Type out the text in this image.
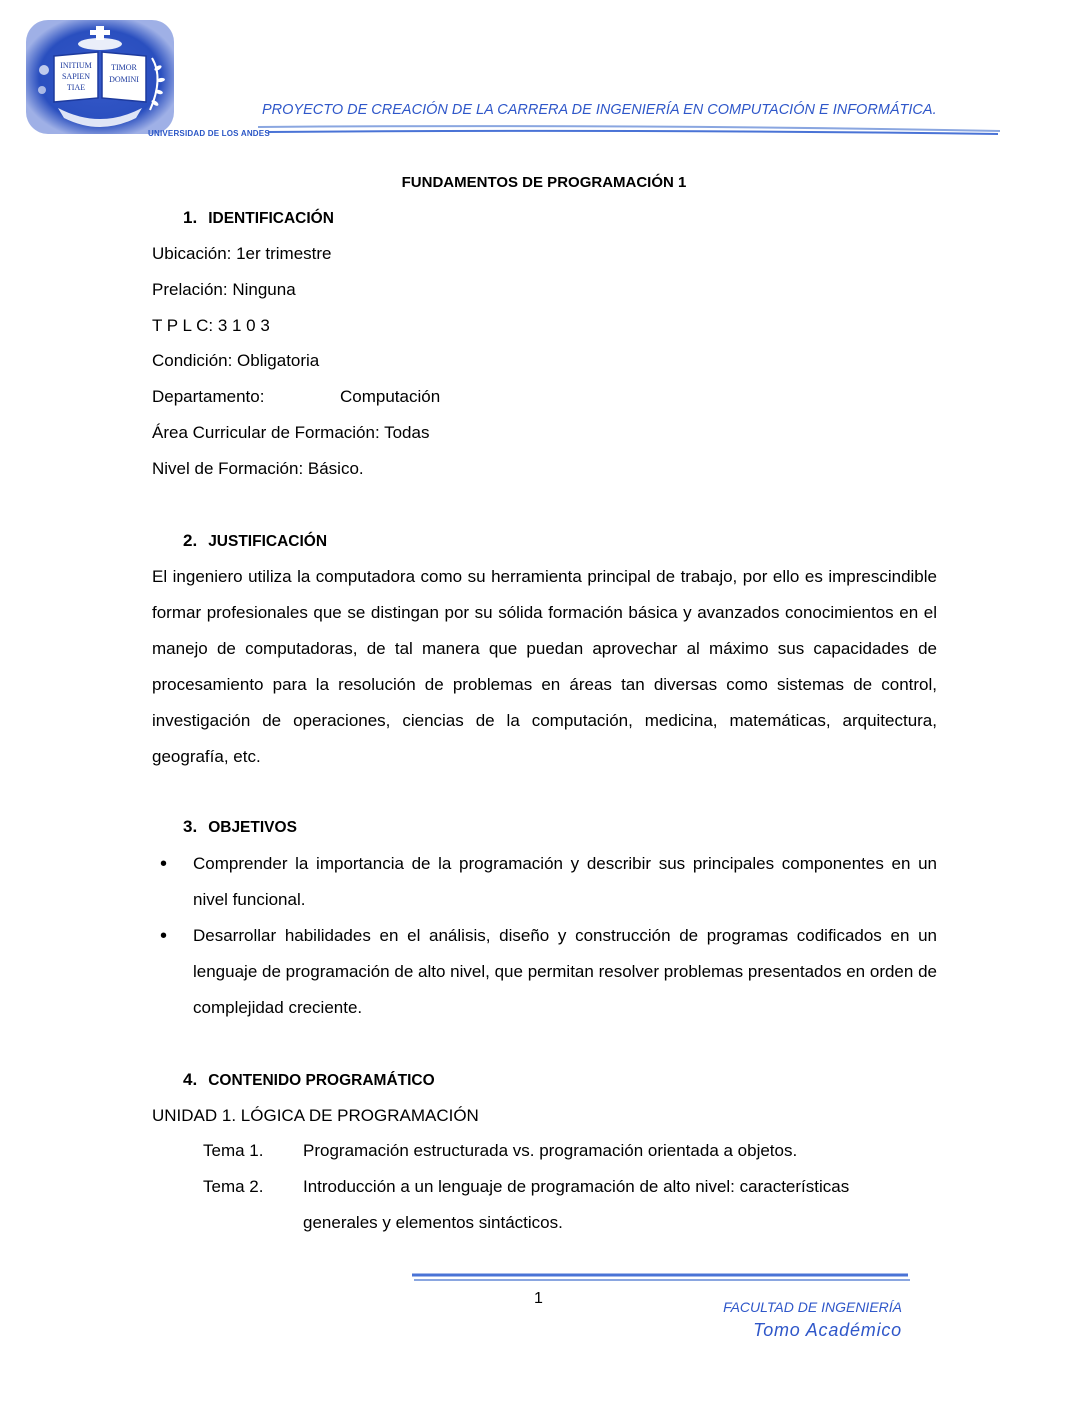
INITIUM
SAPIEN
TIAE
TIMOR
DOMINI
PROYECTO DE CREACIÓN DE LA CARRERA DE INGENIERÍA EN COMPUTACIÓN E INFORMÁTICA.
UNIVERSIDAD DE LOS ANDES
FUNDAMENTOS DE PROGRAMACIÓN 1
1. IDENTIFICACIÓN
Ubicación: 1er trimestre
Prelación: Ninguna
T P L C: 3 1 0 3
Condición: Obligatoria
Departamento:	Computación
Área Curricular de Formación: Todas
Nivel de Formación: Básico.
2. JUSTIFICACIÓN

El ingeniero utiliza la computadora como su herramienta principal de trabajo, por ello es imprescindible formar profesionales que se distingan por su sólida formación básica y avanzados conocimientos en el manejo de computadoras, de tal manera que puedan aprovechar al máximo sus capacidades de procesamiento para la resolución de problemas en áreas tan diversas como sistemas de control, investigación de operaciones, ciencias de la computación, medicina, matemáticas, arquitectura, geografía, etc.

3. OBJETIVOS
• Comprender la importancia de la programación y describir sus principales componentes en un nivel funcional.

• Desarrollar habilidades en el análisis, diseño y construcción de programas codificados en un lenguaje de programación de alto nivel, que permitan resolver problemas presentados en orden de complejidad creciente.

4. CONTENIDO PROGRAMÁTICO
UNIDAD 1. LÓGICA DE PROGRAMACIÓN
Tema 1. Programación estructurada vs. programación orientada a objetos.

Tema 2. Introducción a un lenguaje de programación de alto nivel: características generales y elementos sintácticos.

1	FACULTAD DE INGENIERÍA
Tomo Académico
